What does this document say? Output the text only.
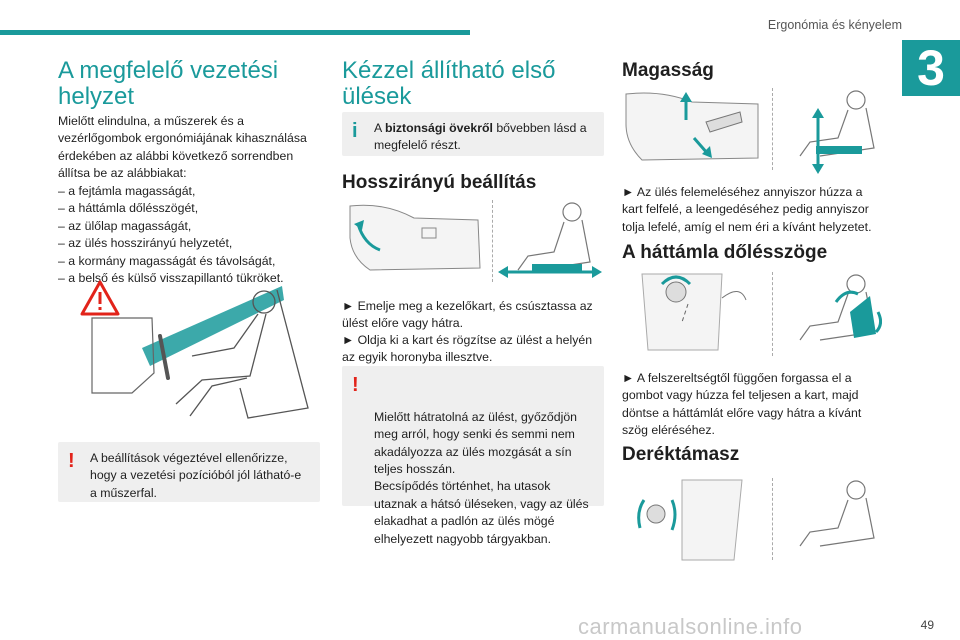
Ergonómia és kényelem
3
A megfelelő vezetési helyzet

Mielőtt elindulna, a műszerek és a vezérlőgombok ergonómiájának kihasználása érdekében az alábbi következő sorrendben állítsa be az alábbiakat:

– a fejtámla magasságát,

– a háttámla dőlésszögét,

– az ülőlap magasságát,

– az ülés hosszirányú helyzetét,

– a kormány magasságát és távolságát,

– a belső és külső visszapillantó tükröket.

! A beállítások végeztével ellenőrizze, hogy a vezetési pozícióból jól látható-e a műszerfal.
Kézzel állítható első ülések
i A biztonsági övekről bővebben lásd a megfelelő részt.
Hosszirányú beállítás

► Emelje meg a kezelőkart, és csúsztassa az ülést előre vagy hátra.

► Oldja ki a kart és rögzítse az ülést a helyén az egyik horonyba illesztve.

!

Mielőtt hátratolná az ülést, győződjön meg arról, hogy senki és semmi nem akadályozza az ülés mozgását a sín teljes hosszán.
Becsípődés történhet, ha utasok utaznak a hátsó üléseken, vagy az ülés elakadhat a padlón az ülés mögé elhelyezett nagyobb tárgyakban.

Magasság

► Az ülés felemeléséhez annyiszor húzza a kart felfelé, a leengedéséhez pedig annyiszor tolja lefelé, amíg el nem éri a kívánt helyzetet.

A háttámla dőlésszöge

► A felszereltségtől függően forgassa el a gombot vagy húzza fel teljesen a kart, majd döntse a háttámlát előre vagy hátra a kívánt szög eléréséhez.

Deréktámasz
49
carmanualsonline.info
